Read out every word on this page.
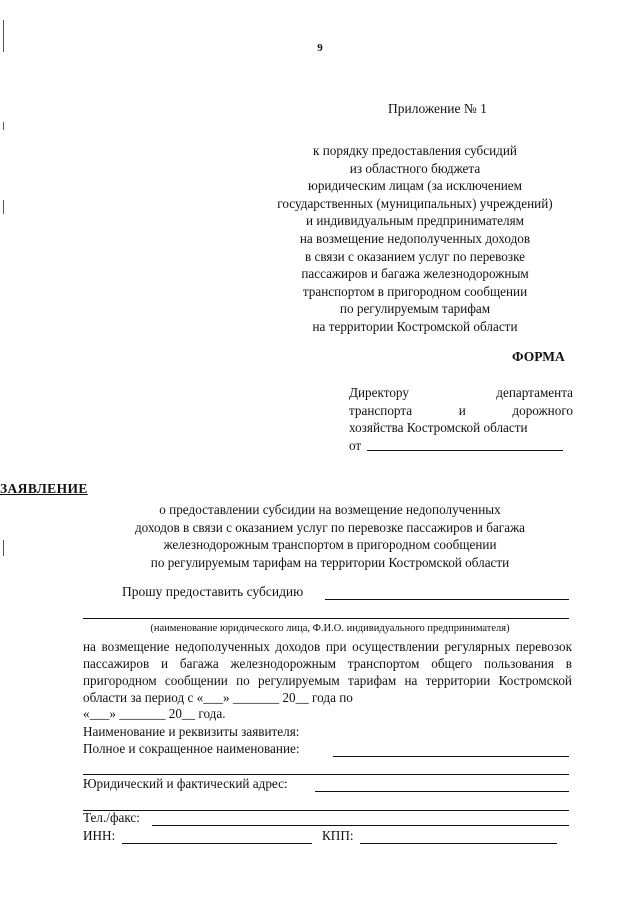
9
Приложение № 1
к порядку предоставления субсидий
из областного бюджета
юридическим лицам (за исключением
государственных (муниципальных) учреждений)
и индивидуальным предпринимателям
на возмещение недополученных доходов
в связи с оказанием услуг по перевозке
пассажиров и багажа железнодорожным
транспортом в пригородном сообщении
по регулируемым тарифам
на территории Костромской области
ФОРМА
Директору	департамента
транспорта	и	дорожного
хозяйства Костромской области
от
ЗАЯВЛЕНИЕ
о предоставлении субсидии на возмещение недополученных
доходов в связи с оказанием услуг по перевозке пассажиров и багажа
железнодорожным транспортом в пригородном сообщении
по регулируемым тарифам на территории Костромской области
Прошу предоставить субсидию
(наименование юридического лица, Ф.И.О. индивидуального предпринимателя)

на возмещение недополученных доходов при осуществлении регулярных перевозок пассажиров и багажа железнодорожным транспортом общего пользования в пригородном сообщении по регулируемым тарифам на территории Костромской области за период с «___» _______ 20__ года по

«___» _______ 20__ года.
Наименование и реквизиты заявителя:
Полное и сокращенное наименование:
Юридический и фактический адрес:
Тел./факс:
ИНН:	КПП:
